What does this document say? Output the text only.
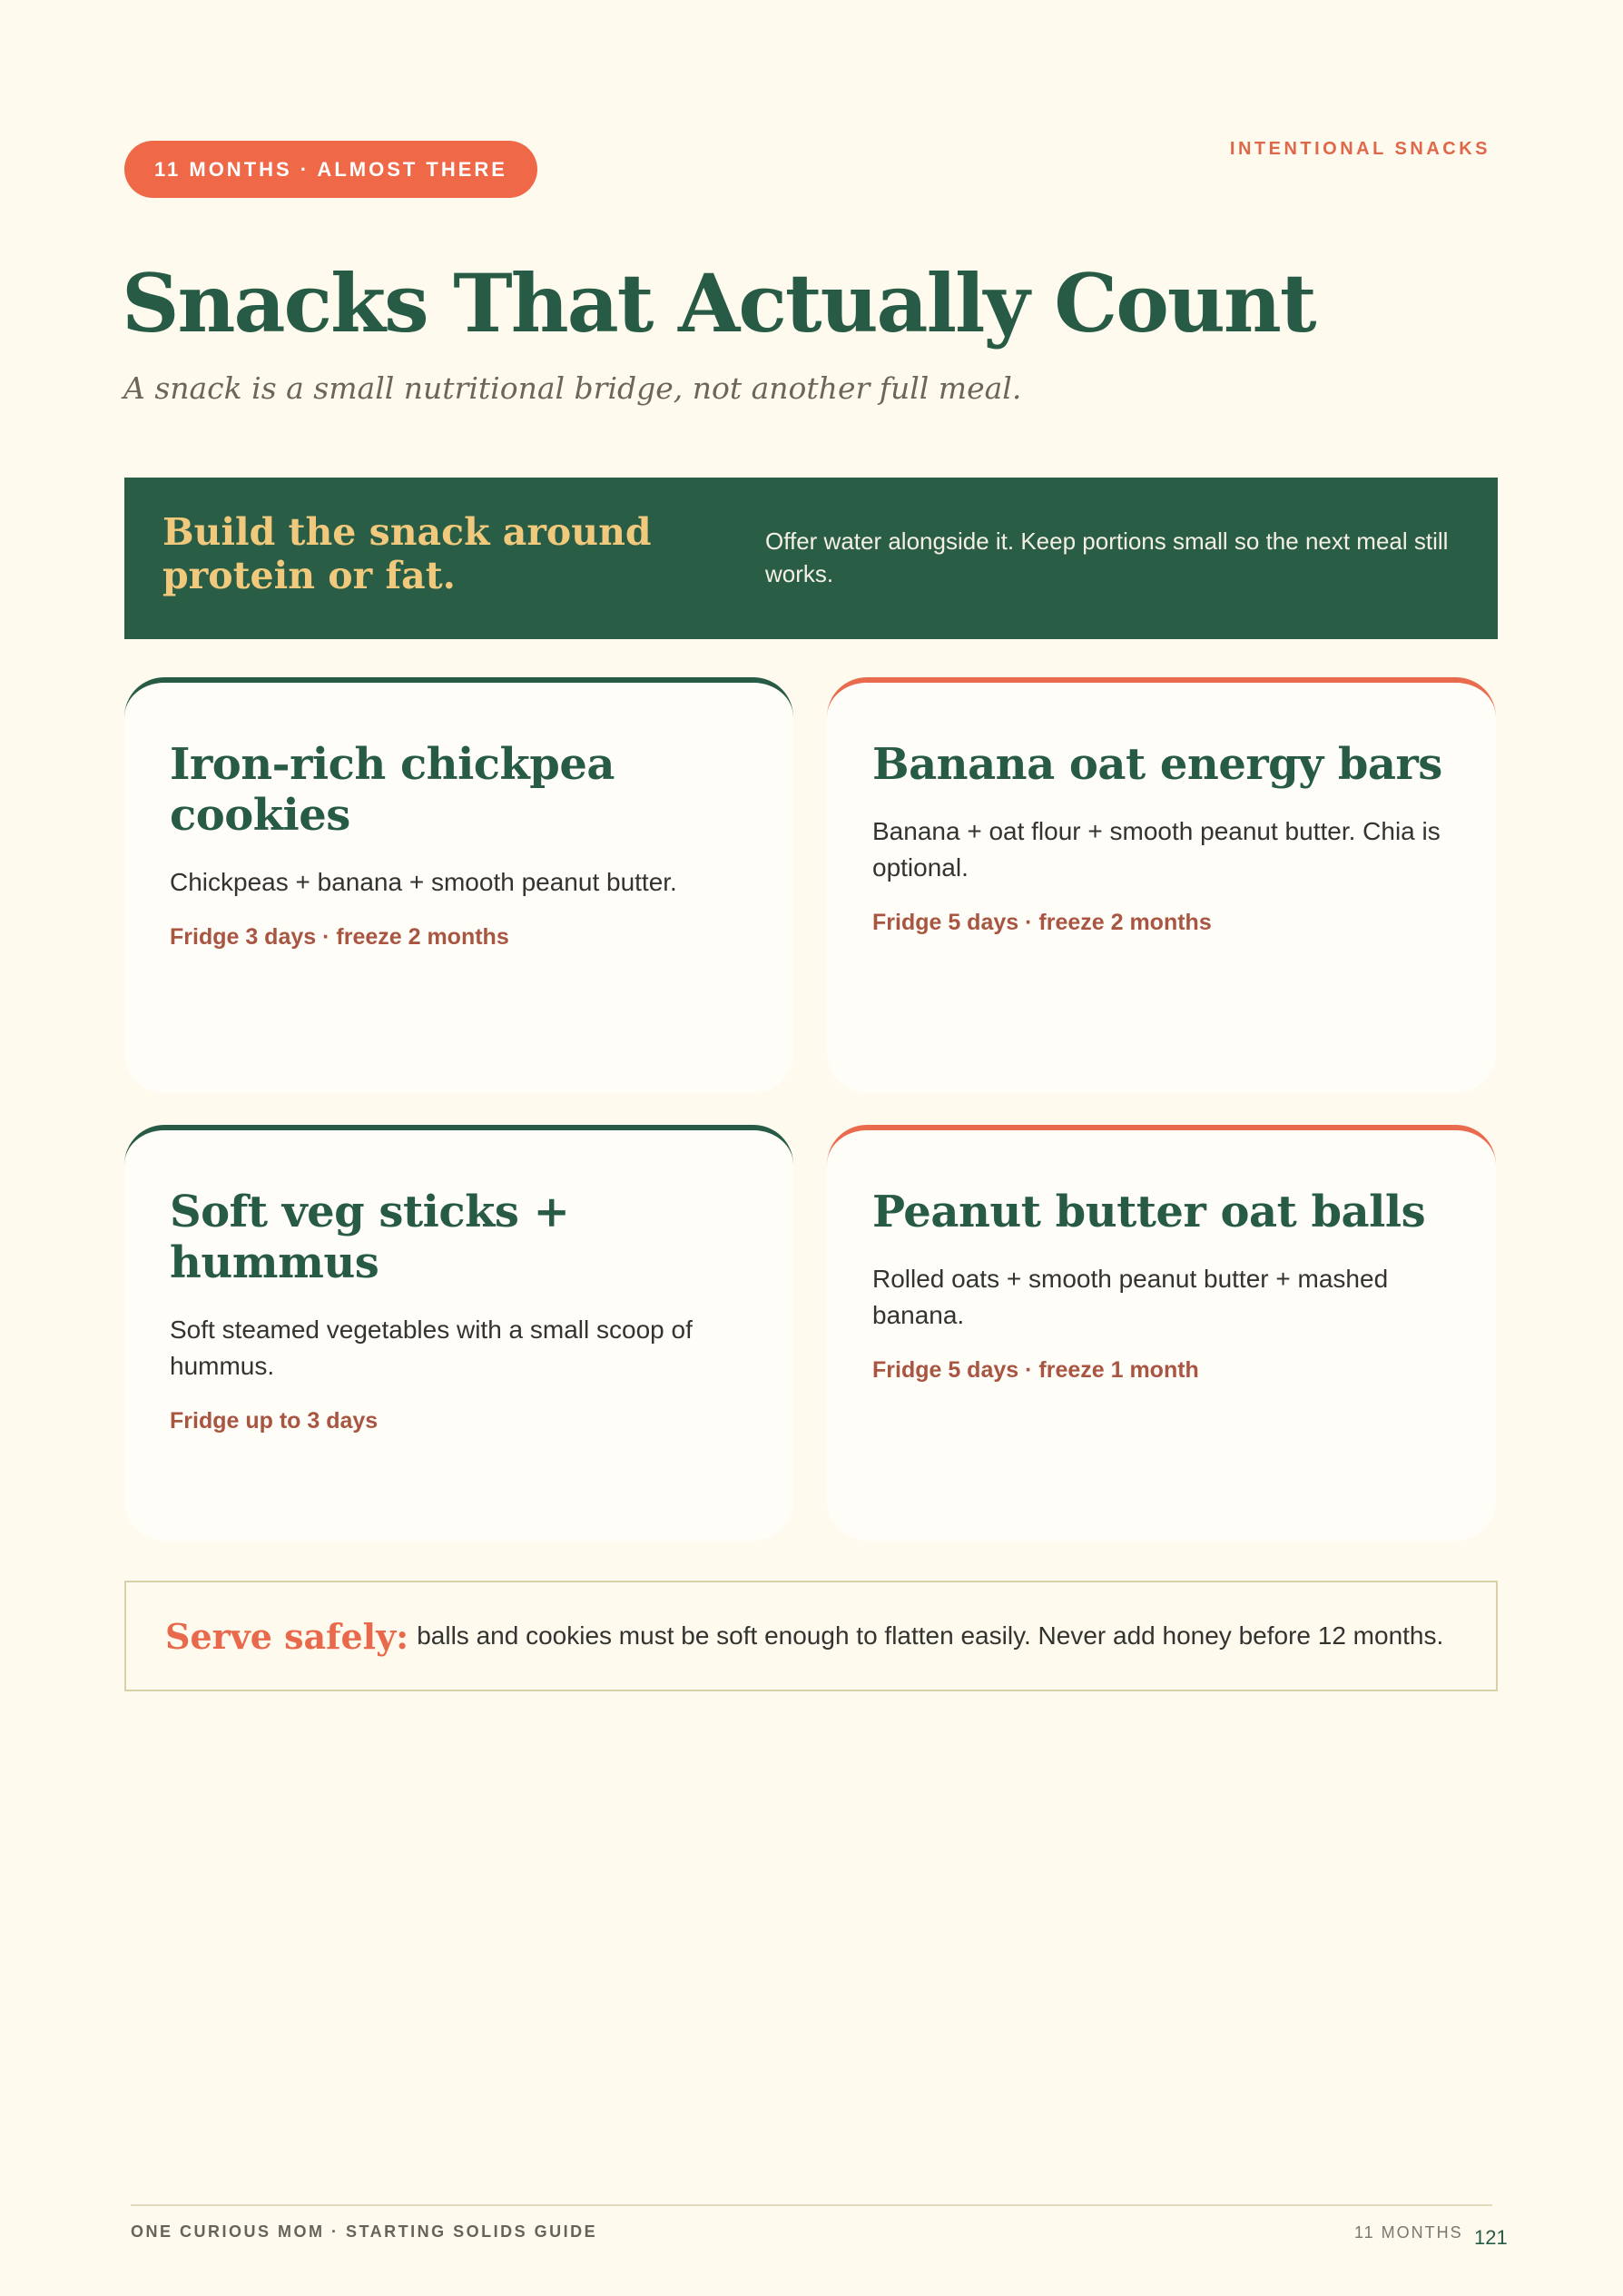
11 MONTHS · ALMOST THERE
INTENTIONAL SNACKS
Snacks That Actually Count

A snack is a small nutritional bridge, not another full meal.

Build the snack around protein or fat.

Offer water alongside it. Keep portions small so the next meal still works.

Iron-rich chickpea cookies

Chickpeas + banana + smooth peanut butter.

Fridge 3 days · freeze 2 months

Banana oat energy bars

Banana + oat flour + smooth peanut butter. Chia is optional.

Fridge 5 days · freeze 2 months

Soft veg sticks + hummus

Soft steamed vegetables with a small scoop of hummus.

Fridge up to 3 days

Peanut butter oat balls

Rolled oats + smooth peanut butter + mashed banana.

Fridge 5 days · freeze 1 month

Serve safely: balls and cookies must be soft enough to flatten easily. Never add honey before 12 months.
ONE CURIOUS MOM · STARTING SOLIDS GUIDE	11 MONTHS 121
